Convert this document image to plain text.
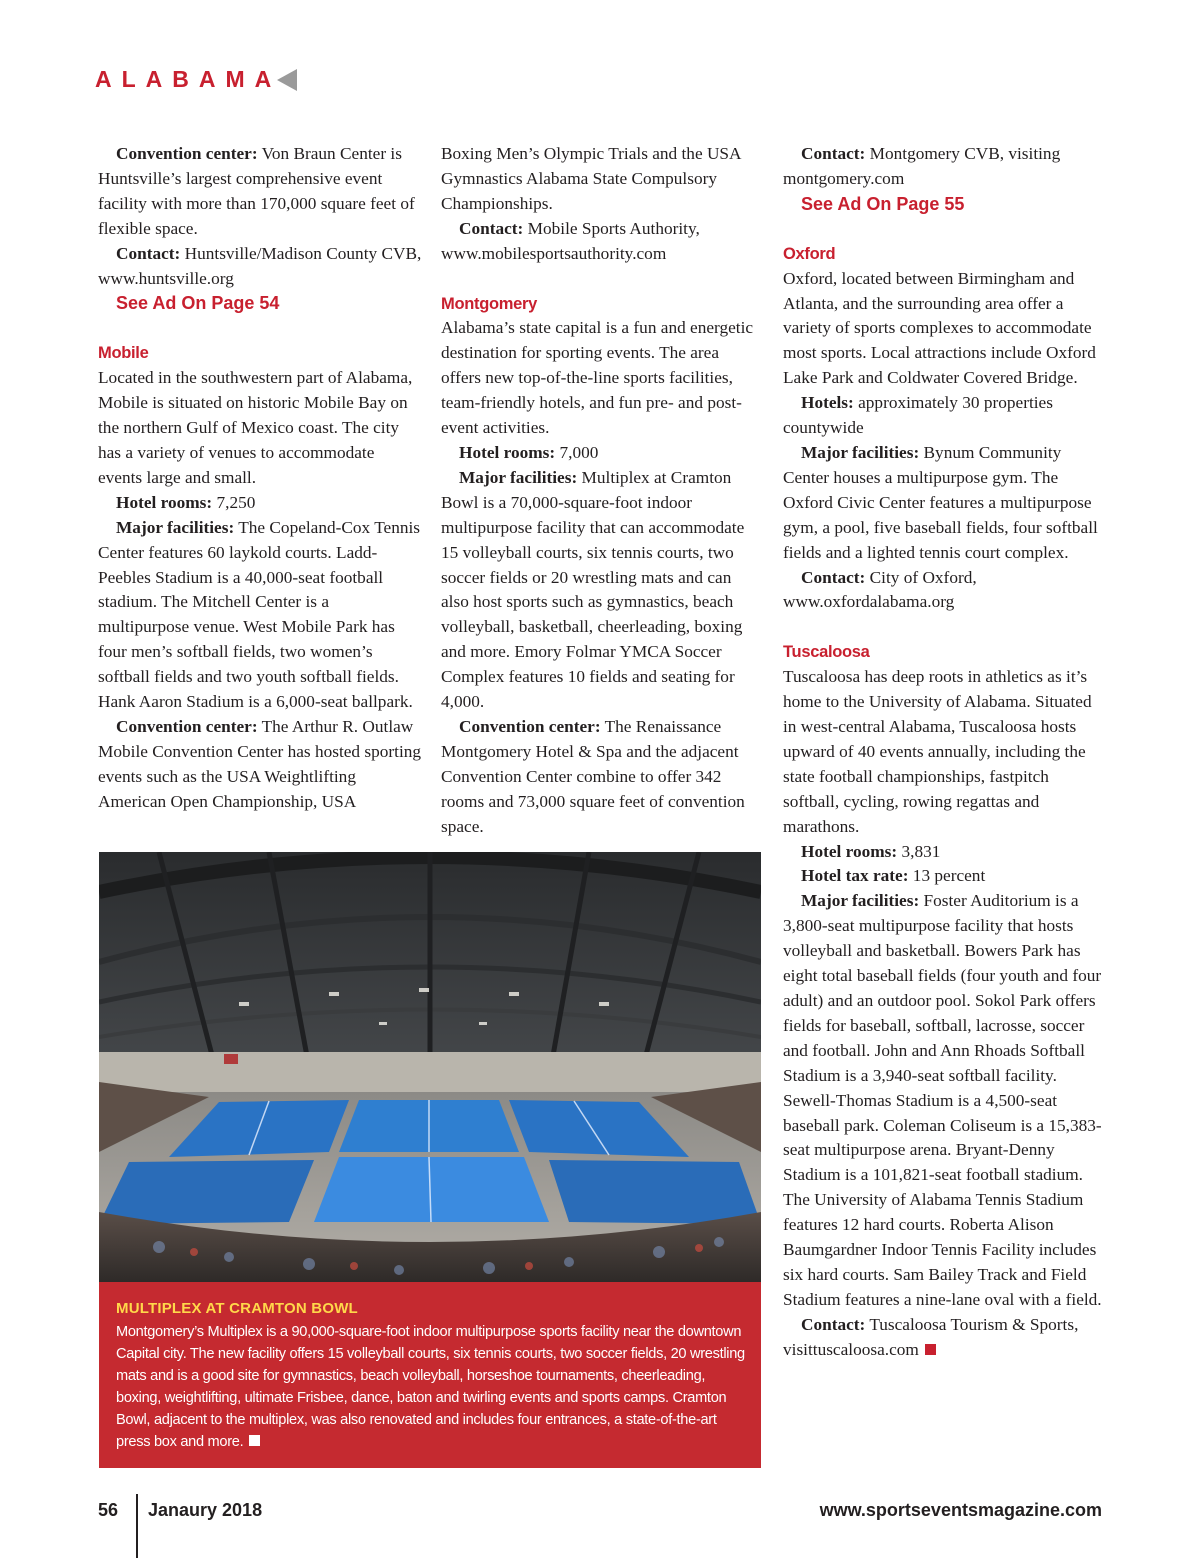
ALABAMA

Convention center: Von Braun Center is Huntsville’s largest comprehensive event facility with more than 170,000 square feet of flexible space.

Contact: Huntsville/Madison County CVB, www.huntsville.org

See Ad On Page 54

Mobile

Located in the southwestern part of Alabama, Mobile is situated on historic Mobile Bay on the northern Gulf of Mexico coast. The city has a variety of venues to accommodate events large and small.

Hotel rooms: 7,250

Major facilities: The Copeland-Cox Tennis Center features 60 laykold courts. Ladd-Peebles Stadium is a 40,000-seat football stadium. The Mitchell Center is a multipurpose venue. West Mobile Park has four men’s softball fields, two women’s softball fields and two youth softball fields. Hank Aaron Stadium is a 6,000-seat ballpark.

Convention center: The Arthur R. Outlaw Mobile Convention Center has hosted sporting events such as the USA Weightlifting American Open Championship, USA

Boxing Men’s Olympic Trials and the USA Gymnastics Alabama State Compulsory Championships.

Contact: Mobile Sports Authority, www.mobilesportsauthority.com

Montgomery

Alabama’s state capital is a fun and energetic destination for sporting events. The area offers new top-of-the-line sports facilities, team-friendly hotels, and fun pre- and post-event activities.

Hotel rooms: 7,000

Major facilities: Multiplex at Cramton Bowl is a 70,000-square-foot indoor multipurpose facility that can accommodate 15 volleyball courts, six tennis courts, two soccer fields or 20 wrestling mats and can also host sports such as gymnastics, beach volleyball, basketball, cheerleading, boxing and more. Emory Folmar YMCA Soccer Complex features 10 fields and seating for 4,000.

Convention center: The Renaissance Montgomery Hotel & Spa and the adjacent Convention Center combine to offer 342 rooms and 73,000 square feet of convention space.

Contact: Montgomery CVB, visiting montgomery.com

See Ad On Page 55

Oxford

Oxford, located between Birmingham and Atlanta, and the surrounding area offer a variety of sports complexes to accommodate most sports. Local attractions include Oxford Lake Park and Coldwater Covered Bridge.

Hotels: approximately 30 properties countywide

Major facilities: Bynum Community Center houses a multipurpose gym. The Oxford Civic Center features a multipurpose gym, a pool, five baseball fields, four softball fields and a lighted tennis court complex.

Contact: City of Oxford, www.oxfordalabama.org

Tuscaloosa

Tuscaloosa has deep roots in athletics as it’s home to the University of Alabama. Situated in west-central Alabama, Tuscaloosa hosts upward of 40 events annually, including the state football championships, fastpitch softball, cycling, rowing regattas and marathons.

Hotel rooms: 3,831

Hotel tax rate: 13 percent

Major facilities: Foster Auditorium is a 3,800-seat multipurpose facility that hosts volleyball and basketball. Bowers Park has eight total baseball fields (four youth and four adult) and an outdoor pool. Sokol Park offers fields for baseball, softball, lacrosse, soccer and football. John and Ann Rhoads Softball Stadium is a 3,940-seat softball facility. Sewell-Thomas Stadium is a 4,500-seat baseball park. Coleman Coliseum is a 15,383-seat multipurpose arena. Bryant-Denny Stadium is a 101,821-seat football stadium. The University of Alabama Tennis Stadium features 12 hard courts. Roberta Alison Baumgardner Indoor Tennis Facility includes six hard courts. Sam Bailey Track and Field Stadium features a nine-lane oval with a field.

Contact: Tuscaloosa Tourism & Sports, visittuscaloosa.com

MULTIPLEX AT CRAMTON BOWL
Montgomery’s Multiplex is a 90,000-square-foot indoor multipurpose sports facility near the downtown Capital city. The new facility offers 15 volleyball courts, six tennis courts, two soccer fields, 20 wrestling mats and is a good site for gymnastics, beach volleyball, horseshoe tournaments, cheerleading, boxing, weightlifting, ultimate Frisbee, dance, baton and twirling events and sports camps. Cramton Bowl, adjacent to the multiplex, was also renovated and includes four entrances, a state-of-the-art press box and more.
56 Janaury 2018	www.sportseventsmagazine.com
